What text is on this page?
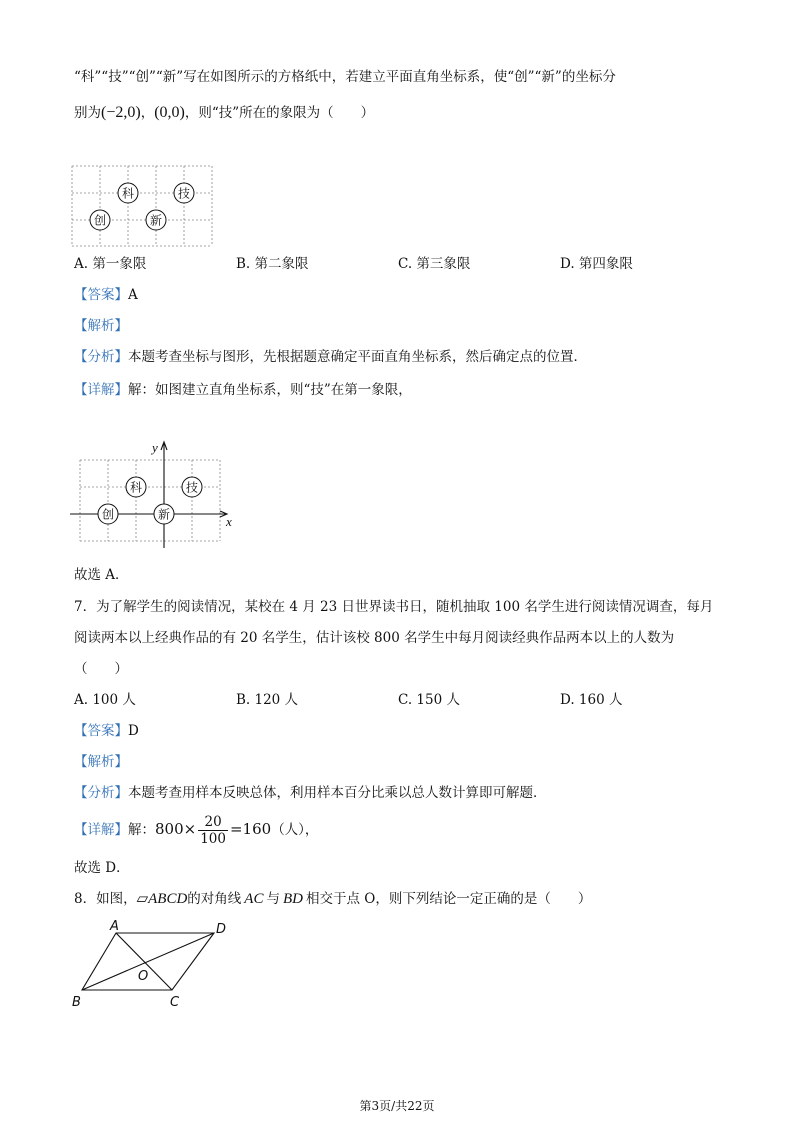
“科”“技”“创”“新”写在如图所示的方格纸中，若建立平面直角坐标系，使“创”“新”的坐标分
别为(−2,0)，(0,0)，则“技”所在的象限为（　　）
科	技
创	新
A. 第一象限	B. 第二象限	C. 第三象限	D. 第四象限
【答案】A
【解析】
【分析】本题考查坐标与图形，先根据题意确定平面直角坐标系，然后确定点的位置．
【详解】解：如图建立直角坐标系，则“技”在第一象限，
科	技
创	新	x
y
故选 A．
7．为了解学生的阅读情况，某校在 4 月 23 日世界读书日，随机抽取 100 名学生进行阅读情况调查，每月
阅读两本以上经典作品的有 20 名学生，估计该校 800 名学生中每月阅读经典作品两本以上的人数为
（　　）
A. 100 人	B. 120 人	C. 150 人	D. 160 人
【答案】D
【解析】
【分析】本题考查用样本反映总体，利用样本百分比乘以总人数计算即可解题．
【详解】解：$800\times \frac{20}{100} =160$（人），
故选 D．
8．如图，▱ABCD的对角线 AC 与 BD 相交于点 O，则下列结论一定正确的是（　　）
A	D
B	C
O
第3页/共22页
